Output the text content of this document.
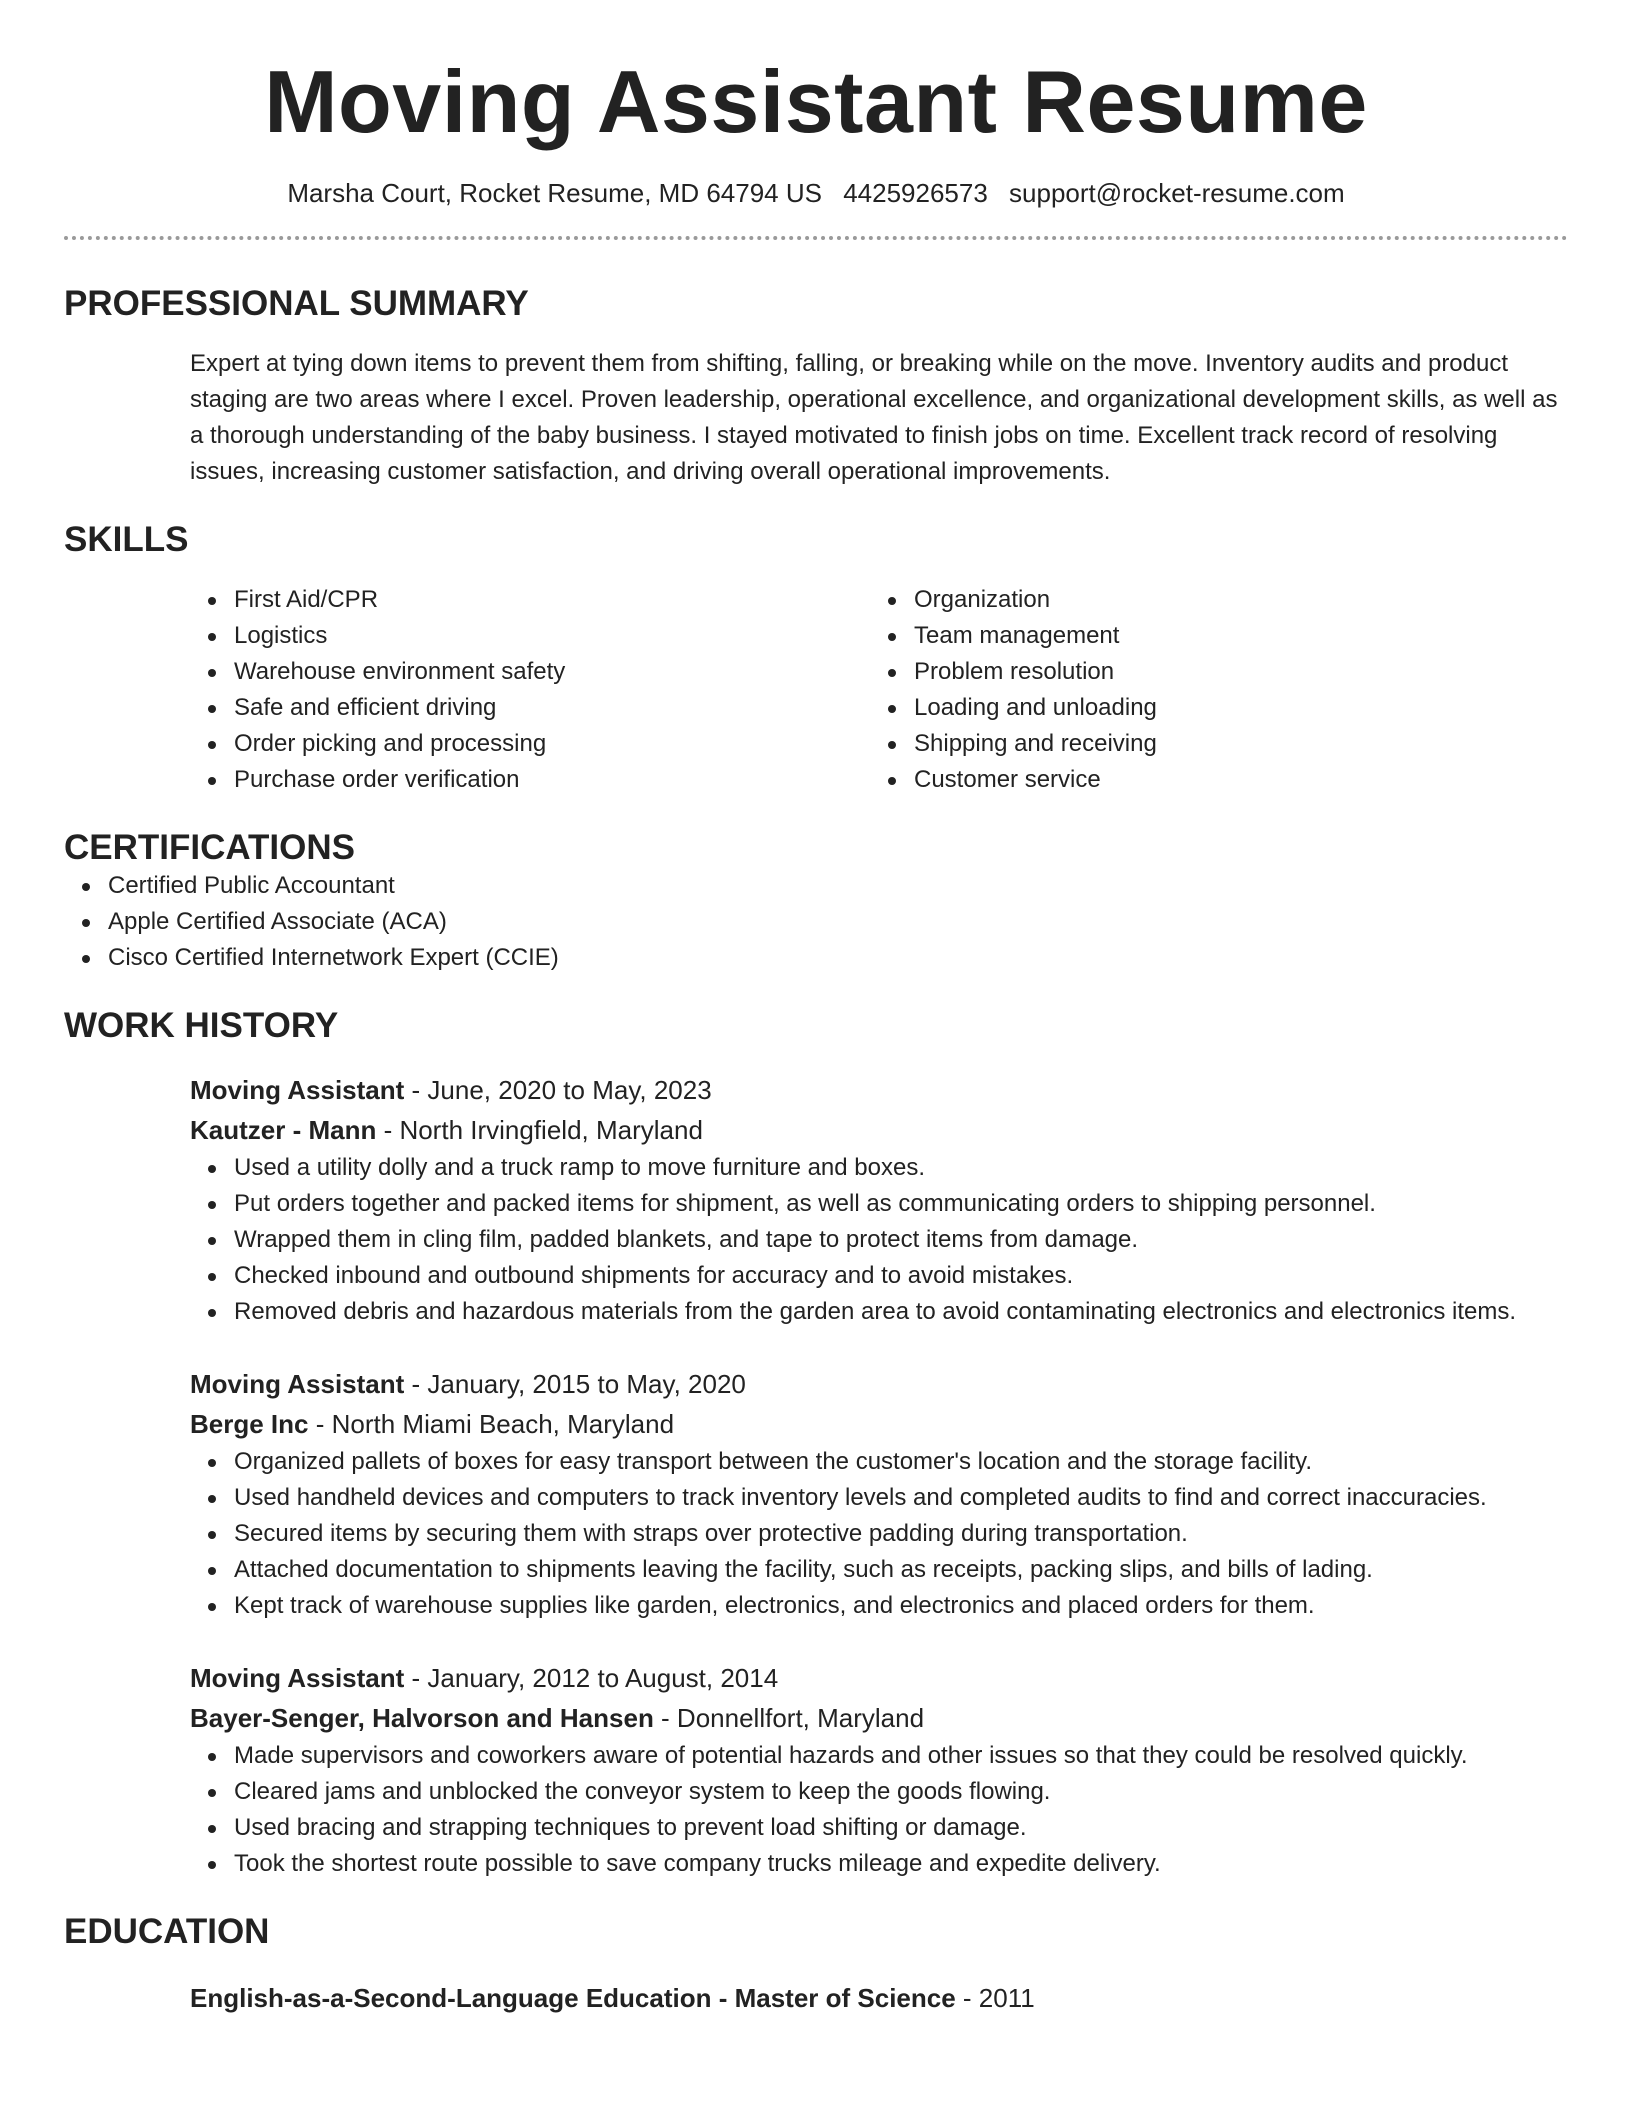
Moving Assistant Resume
Marsha Court, Rocket Resume, MD 64794 US 4425926573 support@rocket-resume.com
PROFESSIONAL SUMMARY
Expert at tying down items to prevent them from shifting, falling, or breaking while on the move. Inventory audits and product staging are two areas where I excel. Proven leadership, operational excellence, and organizational development skills, as well as a thorough understanding of the baby business. I stayed motivated to finish jobs on time. Excellent track record of resolving issues, increasing customer satisfaction, and driving overall operational improvements.
SKILLS
First Aid/CPR
Logistics
Warehouse environment safety
Safe and efficient driving
Order picking and processing
Purchase order verification
Organization
Team management
Problem resolution
Loading and unloading
Shipping and receiving
Customer service
CERTIFICATIONS
Certified Public Accountant
Apple Certified Associate (ACA)
Cisco Certified Internetwork Expert (CCIE)
WORK HISTORY
Moving Assistant - June, 2020 to May, 2023
Kautzer - Mann - North Irvingfield, Maryland
Used a utility dolly and a truck ramp to move furniture and boxes.
Put orders together and packed items for shipment, as well as communicating orders to shipping personnel.
Wrapped them in cling film, padded blankets, and tape to protect items from damage.
Checked inbound and outbound shipments for accuracy and to avoid mistakes.
Removed debris and hazardous materials from the garden area to avoid contaminating electronics and electronics items.
Moving Assistant - January, 2015 to May, 2020
Berge Inc - North Miami Beach, Maryland
Organized pallets of boxes for easy transport between the customer's location and the storage facility.
Used handheld devices and computers to track inventory levels and completed audits to find and correct inaccuracies.
Secured items by securing them with straps over protective padding during transportation.
Attached documentation to shipments leaving the facility, such as receipts, packing slips, and bills of lading.
Kept track of warehouse supplies like garden, electronics, and electronics and placed orders for them.
Moving Assistant - January, 2012 to August, 2014
Bayer-Senger, Halvorson and Hansen - Donnellfort, Maryland
Made supervisors and coworkers aware of potential hazards and other issues so that they could be resolved quickly.
Cleared jams and unblocked the conveyor system to keep the goods flowing.
Used bracing and strapping techniques to prevent load shifting or damage.
Took the shortest route possible to save company trucks mileage and expedite delivery.
EDUCATION
English-as-a-Second-Language Education - Master of Science - 2011
